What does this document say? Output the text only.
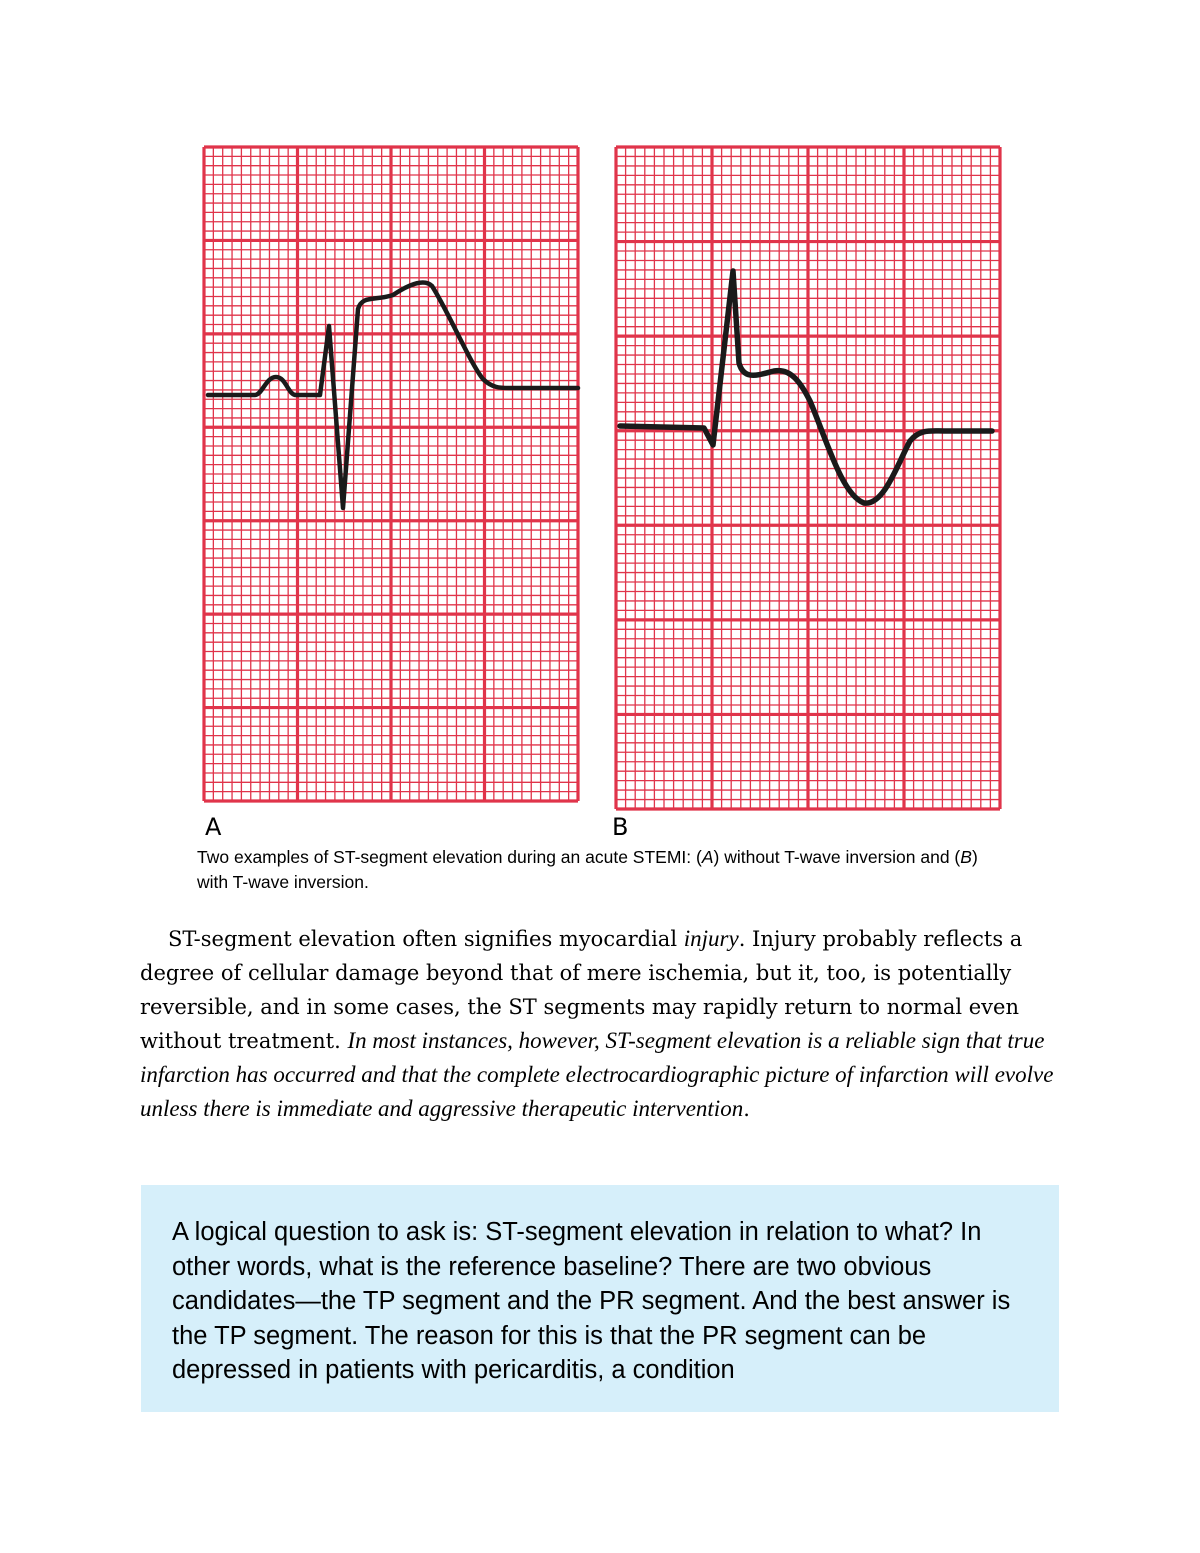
A	B
Two examples of ST-segment elevation during an acute STEMI: (A) without T-wave inversion and (B) with T-wave inversion.

ST-segment elevation often signifies myocardial injury. Injury probably reflects a degree of cellular damage beyond that of mere ischemia, but it, too, is potentially reversible, and in some cases, the ST segments may rapidly return to normal even without treatment. In most instances, however, ST-segment elevation is a reliable sign that true infarction has occurred and that the complete electrocardiographic picture of infarction will evolve unless there is immediate and aggressive therapeutic intervention.

A logical question to ask is: ST-segment elevation in relation to what? In other words, what is the reference baseline? There are two obvious candidates—the TP segment and the PR segment. And the best answer is the TP segment. The reason for this is that the PR segment can be depressed in patients with pericarditis, a condition
